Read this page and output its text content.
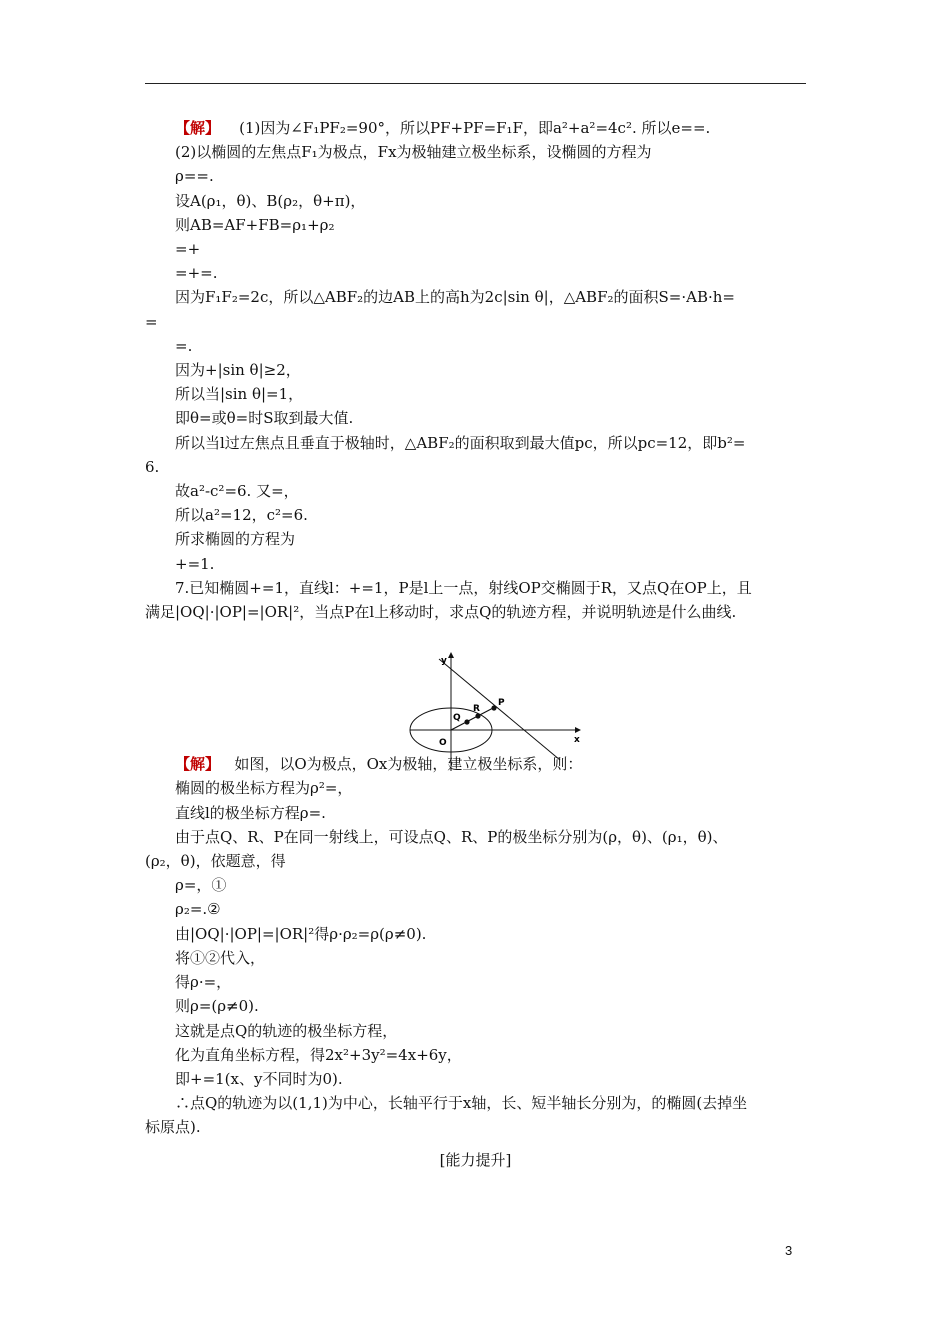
【解】 (1)因为∠F₁PF₂=90°，所以PF+PF=F₁F，即a²+a²=4c². 所以e==.
(2)以椭圆的左焦点F₁为极点，Fx为极轴建立极坐标系，设椭圆的方程为
ρ==.
设A(ρ₁，θ)、B(ρ₂，θ+π)，
则AB=AF+FB=ρ₁+ρ₂
=+
=+=.
因为F₁F₂=2c，所以△ABF₂的边AB上的高h为2c|sin θ|，△ABF₂的面积S=·AB·h=
=
=.
因为+|sin θ|≥2，
所以当|sin θ|=1，
即θ=或θ=时S取到最大值.
所以当l过左焦点且垂直于极轴时，△ABF₂的面积取到最大值pc，所以pc=12，即b²=
6.
故a²-c²=6. 又=，
所以a²=12，c²=6.
所求椭圆的方程为
+=1.
7.已知椭圆+=1，直线l：+=1，P是l上一点，射线OP交椭圆于R，又点Q在OP上，且
满足|OQ|·|OP|=|OR|²，当点P在l上移动时，求点Q的轨迹方程，并说明轨迹是什么曲线.
【解】 如图，以O为极点，Ox为极轴，建立极坐标系，则：
椭圆的极坐标方程为ρ²=，
直线l的极坐标方程ρ=.
由于点Q、R、P在同一射线上，可设点Q、R、P的极坐标分别为(ρ，θ)、(ρ₁，θ)、
(ρ₂，θ)，依题意，得
ρ=，①
ρ₂=.②
由|OQ|·|OP|=|OR|²得ρ·ρ₂=ρ(ρ≠0).
将①②代入，
得ρ·=，
则ρ=(ρ≠0).
这就是点Q的轨迹的极坐标方程，
化为直角坐标方程，得2x²+3y²=4x+6y，
即+=1(x、y不同时为0).
∴点Q的轨迹为以(1,1)为中心，长轴平行于x轴，长、短半轴长分别为，的椭圆(去掉坐
标原点).
[能力提升]
y
x
O
Q
R
P
3
